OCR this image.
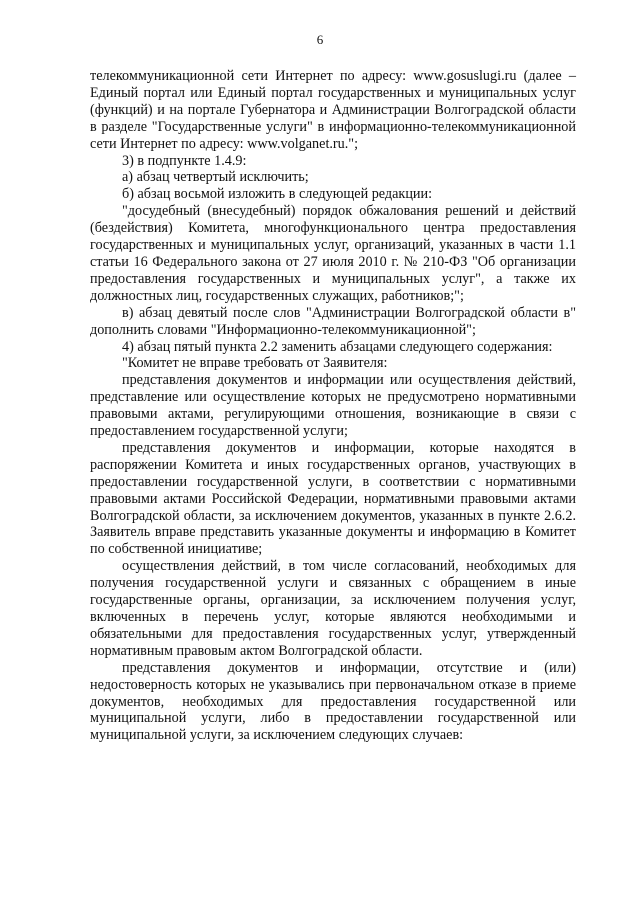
6

телекоммуникационной сети Интернет по адресу: www.gosuslugi.ru (далее – Единый портал или Единый портал государственных и муниципальных услуг (функций) и на портале Губернатора и Администрации Волгоградской области в разделе "Государственные услуги" в информационно-телекоммуникационной сети Интернет по адресу: www.volganet.ru.";

3) в подпункте 1.4.9:

а) абзац четвертый исключить;

б) абзац восьмой изложить в следующей редакции:

"досудебный (внесудебный) порядок обжалования решений и действий (бездействия) Комитета, многофункционального центра предоставления государственных и муниципальных услуг, организаций, указанных в части 1.1 статьи 16 Федерального закона от 27 июля 2010 г. № 210-ФЗ "Об организации предоставления государственных и муниципальных услуг", а также их должностных лиц, государственных служащих, работников;";

в) абзац девятый после слов "Администрации Волгоградской области в" дополнить словами "Информационно-телекоммуникационной";

4) абзац пятый пункта 2.2 заменить абзацами следующего содержания:

"Комитет не вправе требовать от Заявителя:

представления документов и информации или осуществления действий, представление или осуществление которых не предусмотрено нормативными правовыми актами, регулирующими отношения, возникающие в связи с предоставлением государственной услуги;

представления документов и информации, которые находятся в распоряжении Комитета и иных государственных органов, участвующих в предоставлении государственной услуги, в соответствии с нормативными правовыми актами Российской Федерации, нормативными правовыми актами Волгоградской области, за исключением документов, указанных в пункте 2.6.2. Заявитель вправе представить указанные документы и информацию в Комитет по собственной инициативе;

осуществления действий, в том числе согласований, необходимых для получения государственной услуги и связанных с обращением в иные государственные органы, организации, за исключением получения услуг, включенных в перечень услуг, которые являются необходимыми и обязательными для предоставления государственных услуг, утвержденный нормативным правовым актом Волгоградской области.

представления документов и информации, отсутствие и (или) недостоверность которых не указывались при первоначальном отказе в приеме документов, необходимых для предоставления государственной или муниципальной услуги, либо в предоставлении государственной или муниципальной услуги, за исключением следующих случаев:
